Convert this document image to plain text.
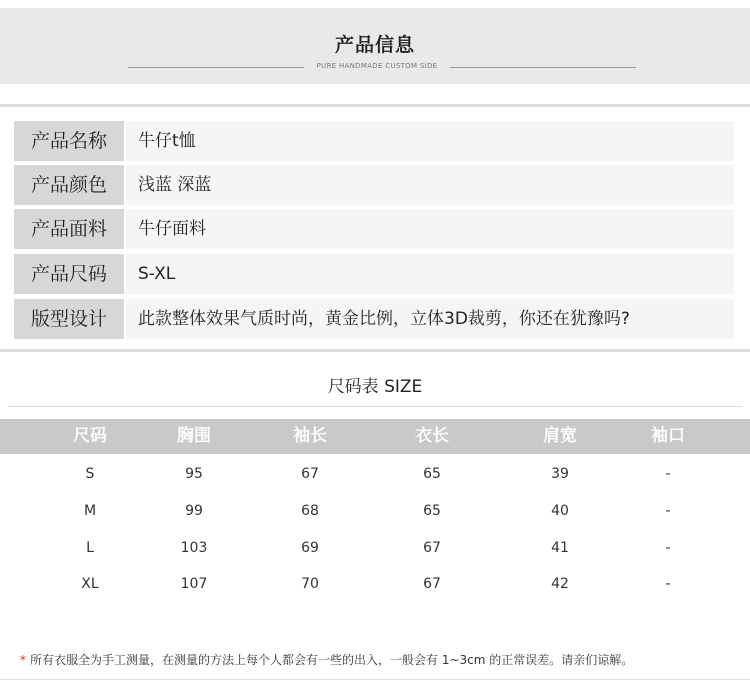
产品信息
PURE HANDMADE CUSTOM SIDE
产品名称	牛仔t恤
产品颜色	浅蓝 深蓝
产品面料	牛仔面料
产品尺码	S-XL
版型设计	此款整体效果气质时尚，黄金比例，立体3D裁剪，你还在犹豫吗?
尺码表 SIZE
尺码	胸围	袖长	衣长	肩宽	袖口
S	95	67	65	39	-
M	99	68	65	40	-
L	103	69	67	41	-
XL	107	70	67	42	-
* 所有衣服全为手工测量，在测量的方法上每个人都会有一些的出入，一般会有 1~3cm 的正常误差。请亲们谅解。
